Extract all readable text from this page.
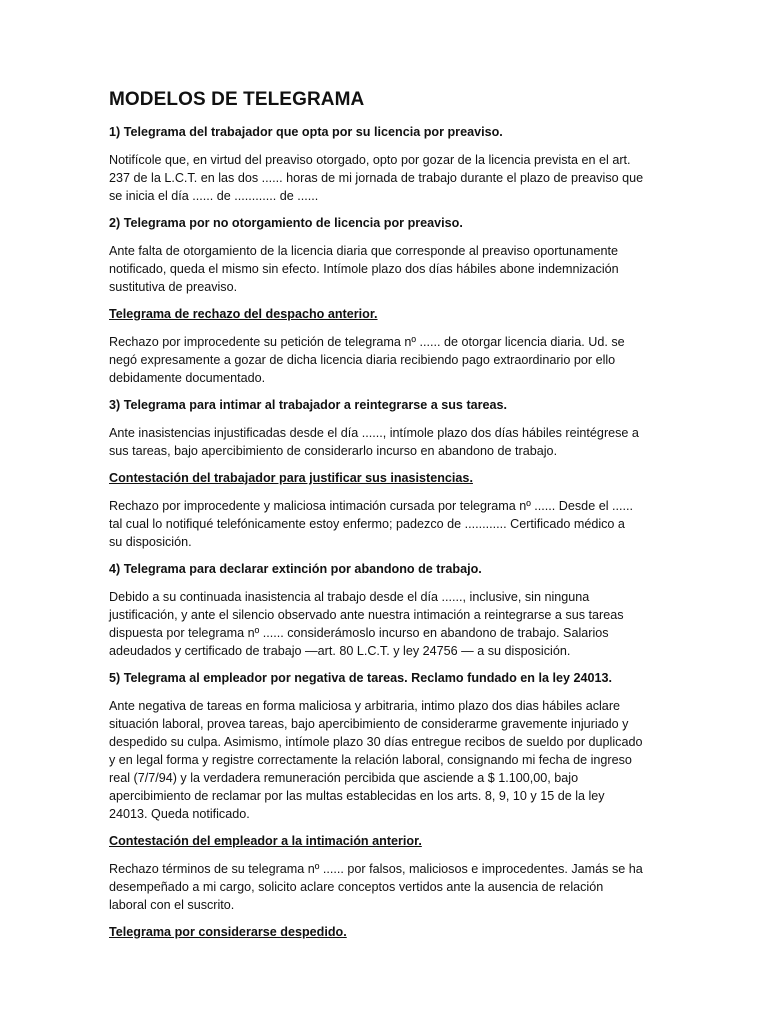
MODELOS DE TELEGRAMA
1) Telegrama del trabajador que opta por su licencia por preaviso.
Notifícole que, en virtud del preaviso otorgado, opto por gozar de la licencia prevista en el art.
237 de la L.C.T. en las dos ...... horas de mi jornada de trabajo durante el plazo de preaviso que
se inicia el día ...... de ............ de ......
2) Telegrama por no otorgamiento de licencia por preaviso.
Ante falta de otorgamiento de la licencia diaria que corresponde al preaviso oportunamente
notificado, queda el mismo sin efecto. Intímole plazo dos días hábiles abone indemnización
sustitutiva de preaviso.
Telegrama de rechazo del despacho anterior.
Rechazo por improcedente su petición de telegrama nº ...... de otorgar licencia diaria. Ud. se
negó expresamente a gozar de dicha licencia diaria recibiendo pago extraordinario por ello
debidamente documentado.
3) Telegrama para intimar al trabajador a reintegrarse a sus tareas.
Ante inasistencias injustificadas desde el día ......, intímole plazo dos días hábiles reintégrese a
sus tareas, bajo apercibimiento de considerarlo incurso en abandono de trabajo.
Contestación del trabajador para justificar sus inasistencias.
Rechazo por improcedente y maliciosa intimación cursada por telegrama nº ...... Desde el ......
tal cual lo notifiqué telefónicamente estoy enfermo; padezco de ............ Certificado médico a
su disposición.
4) Telegrama para declarar extinción por abandono de trabajo.
Debido a su continuada inasistencia al trabajo desde el día ......, inclusive, sin ninguna
justificación, y ante el silencio observado ante nuestra intimación a reintegrarse a sus tareas
dispuesta por telegrama nº ...... considerámoslo incurso en abandono de trabajo. Salarios
adeudados y certificado de trabajo —art. 80 L.C.T. y ley 24756 — a su disposición.
5) Telegrama al empleador por negativa de tareas. Reclamo fundado en la ley 24013.
Ante negativa de tareas en forma maliciosa y arbitraria, intimo plazo dos dias hábiles aclare
situación laboral, provea tareas, bajo apercibimiento de considerarme gravemente injuriado y
despedido su culpa. Asimismo, intímole plazo 30 días entregue recibos de sueldo por duplicado
y en legal forma y registre correctamente la relación laboral, consignando mi fecha de ingreso
real (7/7/94) y la verdadera remuneración percibida que asciende a $ 1.100,00, bajo
apercibimiento de reclamar por las multas establecidas en los arts. 8, 9, 10 y 15 de la ley
24013. Queda notificado.
Contestación del empleador a la intimación anterior.
Rechazo términos de su telegrama nº ...... por falsos, maliciosos e improcedentes. Jamás se ha
desempeñado a mi cargo, solicito aclare conceptos vertidos ante la ausencia de relación
laboral con el suscrito.
Telegrama por considerarse despedido.
